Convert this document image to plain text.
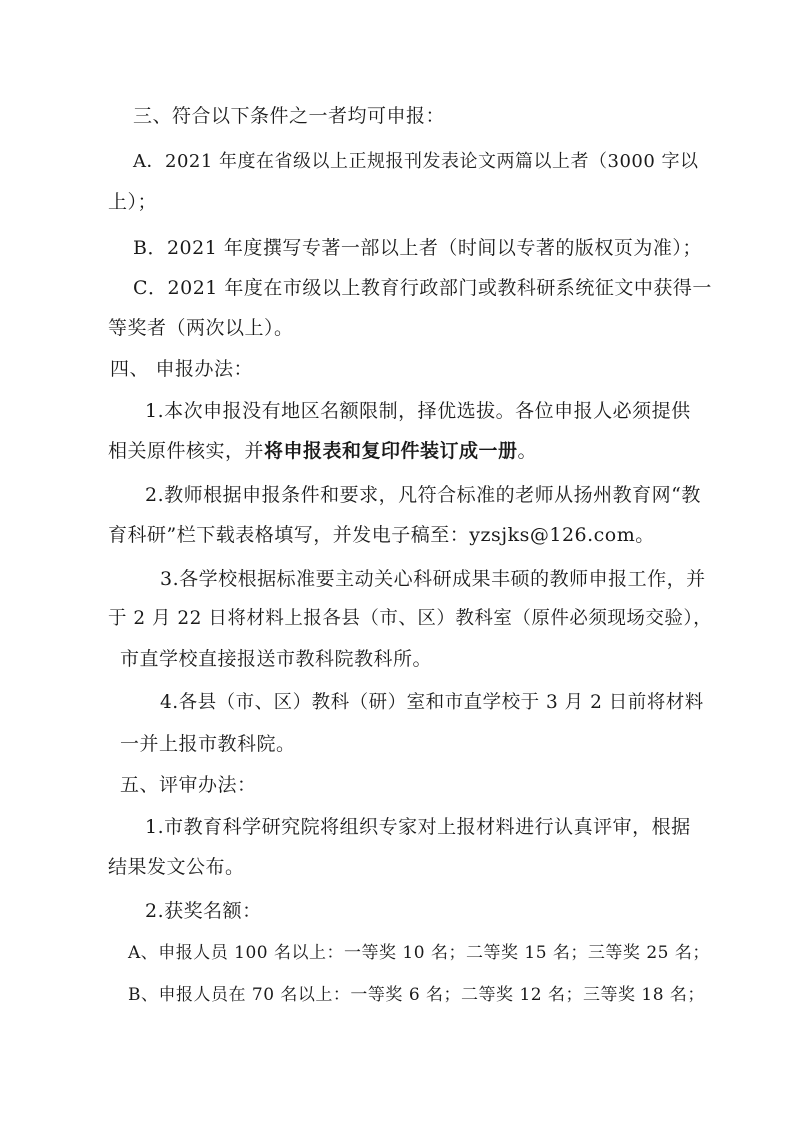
三、符合以下条件之一者均可申报：
A．2021 年度在省级以上正规报刊发表论文两篇以上者（3000 字以
上）；
B．2021 年度撰写专著一部以上者（时间以专著的版权页为准）；
C．2021 年度在市级以上教育行政部门或教科研系统征文中获得一
等奖者（两次以上）。
四、 申报办法：
1.本次申报没有地区名额限制，择优选拔。各位申报人必须提供
相关原件核实，并将申报表和复印件装订成一册。
2.教师根据申报条件和要求，凡符合标准的老师从扬州教育网“教
育科研”栏下载表格填写，并发电子稿至：yzsjks@126.com。
3.各学校根据标准要主动关心科研成果丰硕的教师申报工作，并
于 2 月 22 日将材料上报各县（市、区）教科室（原件必须现场交验），
市直学校直接报送市教科院教科所。
4.各县（市、区）教科（研）室和市直学校于 3 月 2 日前将材料
一并上报市教科院。
五、评审办法：
1.市教育科学研究院将组织专家对上报材料进行认真评审，根据
结果发文公布。
2.获奖名额：
A、申报人员 100 名以上：一等奖 10 名；二等奖 15 名；三等奖 25 名；
B、申报人员在 70 名以上：一等奖 6 名；二等奖 12 名；三等奖 18 名；
